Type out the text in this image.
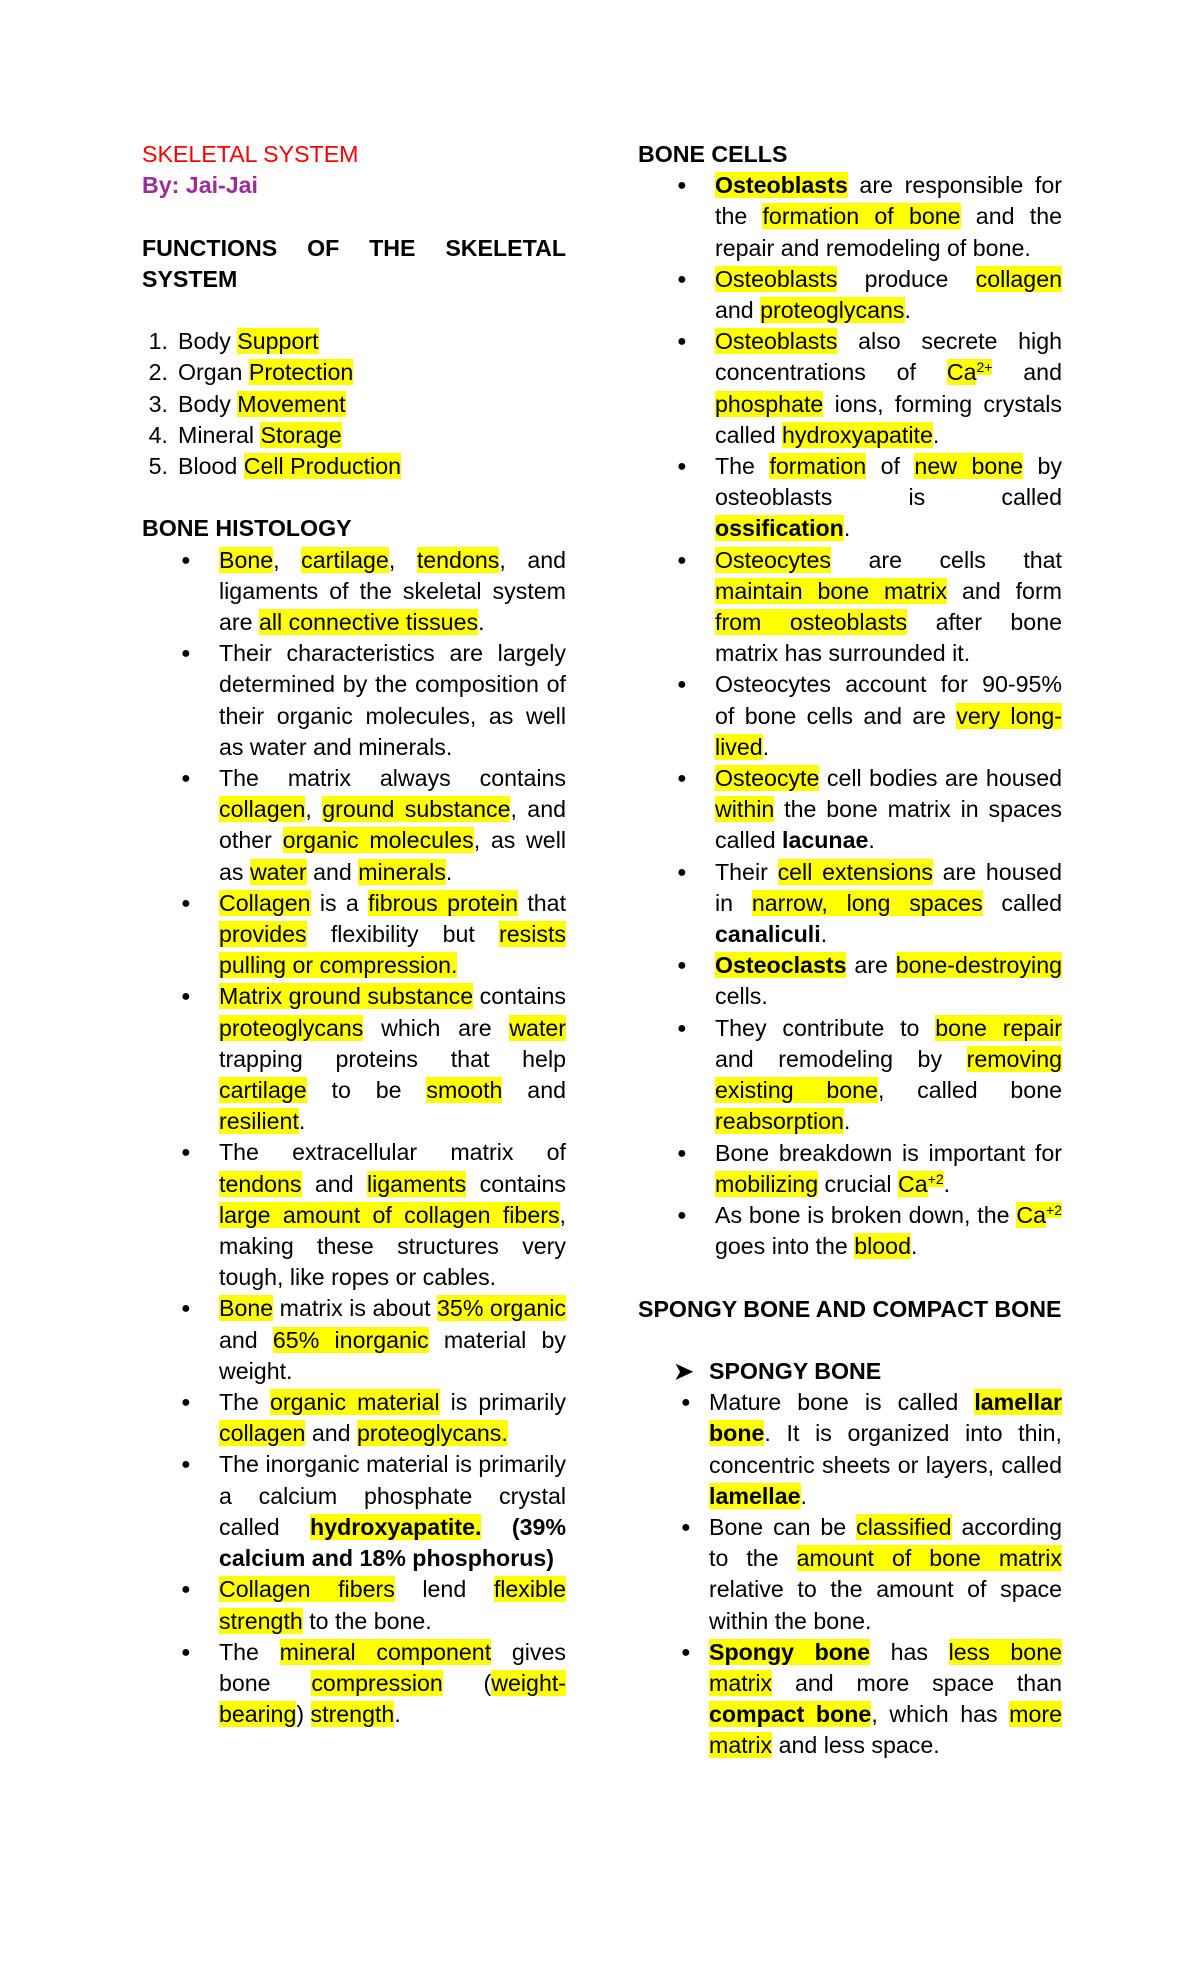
SKELETAL SYSTEM

By: Jai-Jai

FUNCTIONS OF THE SKELETAL SYSTEM

1. Body Support
2. Organ Protection
3. Body Movement
4. Mineral Storage
5. Blood Cell Production

BONE HISTOLOGY

● Bone, cartilage, tendons, and ligaments of the skeletal system are all connective tissues.
● Their characteristics are largely determined by the composition of their organic molecules, as well as water and minerals.
● The matrix always contains collagen, ground substance, and other organic molecules, as well as water and minerals.
● Collagen is a fibrous protein that provides flexibility but resists pulling or compression.
● Matrix ground substance contains proteoglycans which are water trapping proteins that help cartilage to be smooth and resilient.
● The extracellular matrix of tendons and ligaments contains large amount of collagen fibers, making these structures very tough, like ropes or cables.
● Bone matrix is about 35% organic and 65% inorganic material by weight.
● The organic material is primarily collagen and proteoglycans.
● The inorganic material is primarily a calcium phosphate crystal called hydroxyapatite. (39% calcium and 18% phosphorus)
● Collagen fibers lend flexible strength to the bone.
● The mineral component gives bone compression (weight-bearing) strength.

BONE CELLS

● Osteoblasts are responsible for the formation of bone and the repair and remodeling of bone.
● Osteoblasts produce collagen and proteoglycans.
● Osteoblasts also secrete high concentrations of $Ca^{2+}$ and phosphate ions, forming crystals called hydroxyapatite.
● The formation of new bone by osteoblasts is called ossification.
● Osteocytes are cells that maintain bone matrix and form from osteoblasts after bone matrix has surrounded it.
● Osteocytes account for 90-95% of bone cells and are very long-lived.
● Osteocyte cell bodies are housed within the bone matrix in spaces called lacunae.
● Their cell extensions are housed in narrow, long spaces called canaliculi.
● Osteoclasts are bone-destroying cells.
● They contribute to bone repair and remodeling by removing existing bone, called bone reabsorption.
● Bone breakdown is important for mobilizing crucial $Ca^{+2}$.
● As bone is broken down, the $Ca^{+2}$ goes into the blood.

SPONGY BONE AND COMPACT BONE

➤ SPONGY BONE

● Mature bone is called lamellar bone. It is organized into thin, concentric sheets or layers, called lamellae.
● Bone can be classified according to the amount of bone matrix relative to the amount of space within the bone.
● Spongy bone has less bone matrix and more space than compact bone, which has more matrix and less space.
